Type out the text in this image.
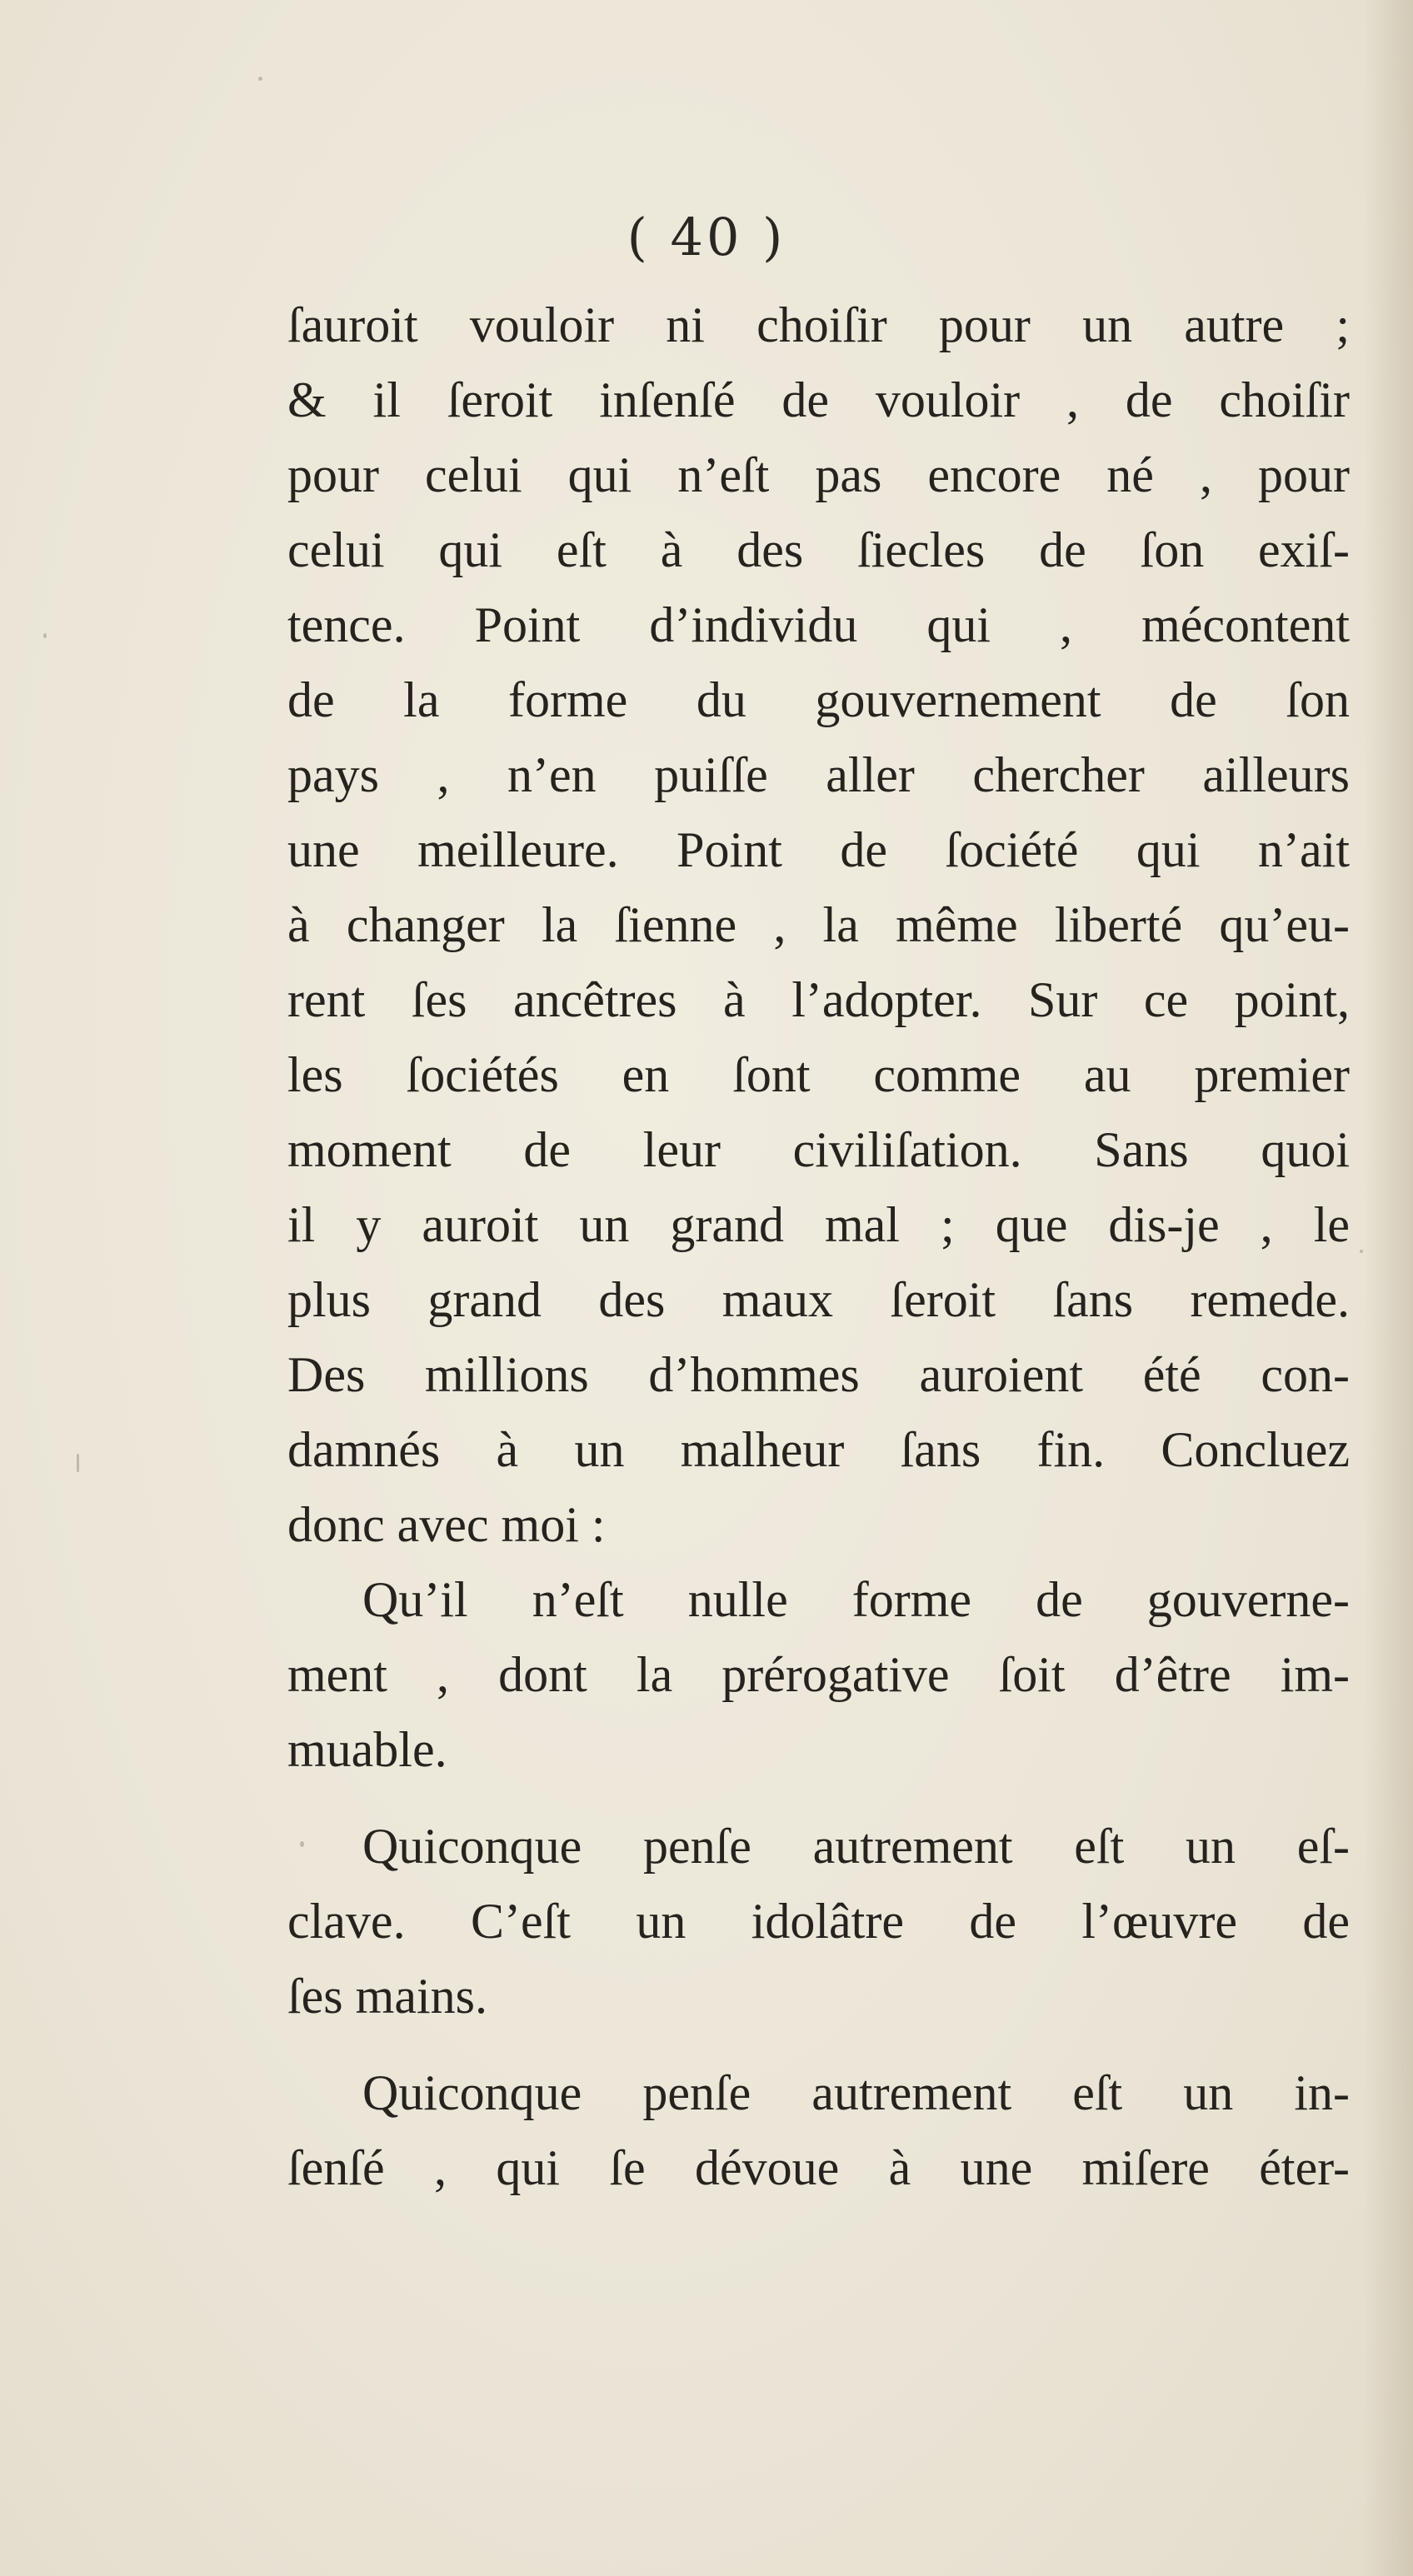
( 40 )
ſauroit vouloir ni choiſir pour un autre ;
& il ſeroit inſenſé de vouloir , de choiſir
pour celui qui n’eſt pas encore né , pour
celui qui eſt à des ſiecles de ſon exiſ-
tence. Point d’individu qui , mécontent
de la forme du gouvernement de ſon
pays , n’en puiſſe aller chercher ailleurs
une meilleure. Point de ſociété qui n’ait
à changer la ſienne , la même liberté qu’eu-
rent ſes ancêtres à l’adopter. Sur ce point,
les ſociétés en ſont comme au premier
moment de leur civiliſation. Sans quoi
il y auroit un grand mal ; que dis-je , le
plus grand des maux ſeroit ſans remede.
Des millions d’hommes auroient été con-
damnés à un malheur ſans fin. Concluez
donc avec moi :
Qu’il n’eſt nulle forme de gouverne-
ment , dont la prérogative ſoit d’être im-
muable.
Quiconque penſe autrement eſt un eſ-
clave. C’eſt un idolâtre de l’œuvre de
ſes mains.
Quiconque penſe autrement eſt un in-
ſenſé , qui ſe dévoue à une miſere éter-
